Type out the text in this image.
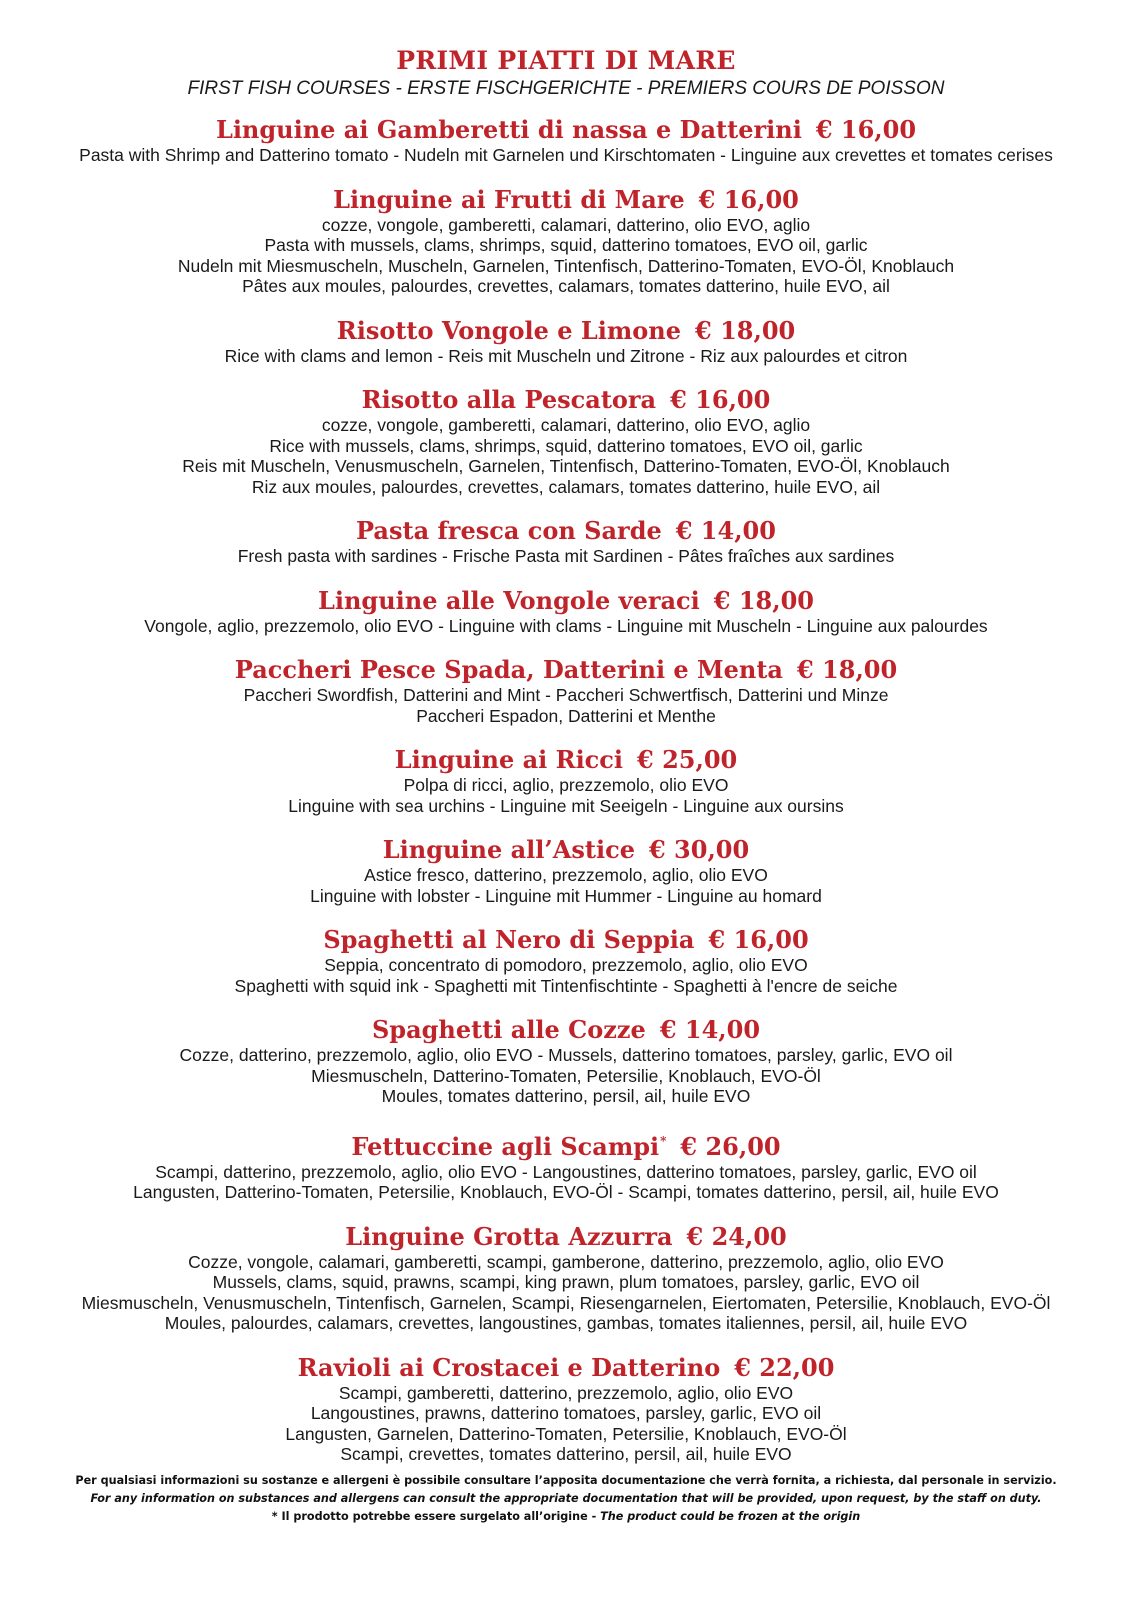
PRIMI PIATTI DI MARE
FIRST FISH COURSES - ERSTE FISCHGERICHTE - PREMIERS COURS DE POISSON
Linguine ai Gamberetti di nassa e Datterini € 16,00
Pasta with Shrimp and Datterino tomato - Nudeln mit Garnelen und Kirschtomaten - Linguine aux crevettes et tomates cerises
Linguine ai Frutti di Mare € 16,00
cozze, vongole, gamberetti, calamari, datterino, olio EVO, aglio
Pasta with mussels, clams, shrimps, squid, datterino tomatoes, EVO oil, garlic
Nudeln mit Miesmuscheln, Muscheln, Garnelen, Tintenfisch, Datterino-Tomaten, EVO-Öl, Knoblauch
Pâtes aux moules, palourdes, crevettes, calamars, tomates datterino, huile EVO, ail
Risotto Vongole e Limone € 18,00
Rice with clams and lemon - Reis mit Muscheln und Zitrone - Riz aux palourdes et citron
Risotto alla Pescatora € 16,00
cozze, vongole, gamberetti, calamari, datterino, olio EVO, aglio
Rice with mussels, clams, shrimps, squid, datterino tomatoes, EVO oil, garlic
Reis mit Muscheln, Venusmuscheln, Garnelen, Tintenfisch, Datterino-Tomaten, EVO-Öl, Knoblauch
Riz aux moules, palourdes, crevettes, calamars, tomates datterino, huile EVO, ail
Pasta fresca con Sarde € 14,00
Fresh pasta with sardines - Frische Pasta mit Sardinen - Pâtes fraîches aux sardines
Linguine alle Vongole veraci € 18,00
Vongole, aglio, prezzemolo, olio EVO - Linguine with clams - Linguine mit Muscheln - Linguine aux palourdes
Paccheri Pesce Spada, Datterini e Menta € 18,00
Paccheri Swordfish, Datterini and Mint - Paccheri Schwertfisch, Datterini und Minze
Paccheri Espadon, Datterini et Menthe
Linguine ai Ricci € 25,00
Polpa di ricci, aglio, prezzemolo, olio EVO
Linguine with sea urchins - Linguine mit Seeigeln - Linguine aux oursins
Linguine all’Astice € 30,00
Astice fresco, datterino, prezzemolo, aglio, olio EVO
Linguine with lobster - Linguine mit Hummer - Linguine au homard
Spaghetti al Nero di Seppia € 16,00
Seppia, concentrato di pomodoro, prezzemolo, aglio, olio EVO
Spaghetti with squid ink - Spaghetti mit Tintenfischtinte - Spaghetti à l'encre de seiche
Spaghetti alle Cozze € 14,00
Cozze, datterino, prezzemolo, aglio, olio EVO - Mussels, datterino tomatoes, parsley, garlic, EVO oil
Miesmuscheln, Datterino-Tomaten, Petersilie, Knoblauch, EVO-Öl
Moules, tomates datterino, persil, ail, huile EVO
Fettuccine agli Scampi* € 26,00
Scampi, datterino, prezzemolo, aglio, olio EVO - Langoustines, datterino tomatoes, parsley, garlic, EVO oil
Langusten, Datterino-Tomaten, Petersilie, Knoblauch, EVO-Öl - Scampi, tomates datterino, persil, ail, huile EVO
Linguine Grotta Azzurra € 24,00
Cozze, vongole, calamari, gamberetti, scampi, gamberone, datterino, prezzemolo, aglio, olio EVO
Mussels, clams, squid, prawns, scampi, king prawn, plum tomatoes, parsley, garlic, EVO oil
Miesmuscheln, Venusmuscheln, Tintenfisch, Garnelen, Scampi, Riesengarnelen, Eiertomaten, Petersilie, Knoblauch, EVO-Öl
Moules, palourdes, calamars, crevettes, langoustines, gambas, tomates italiennes, persil, ail, huile EVO
Ravioli ai Crostacei e Datterino € 22,00
Scampi, gamberetti, datterino, prezzemolo, aglio, olio EVO
Langoustines, prawns, datterino tomatoes, parsley, garlic, EVO oil
Langusten, Garnelen, Datterino-Tomaten, Petersilie, Knoblauch, EVO-Öl
Scampi, crevettes, tomates datterino, persil, ail, huile EVO
Per qualsiasi informazioni su sostanze e allergeni è possibile consultare l’apposita documentazione che verrà fornita, a richiesta, dal personale in servizio.
For any information on substances and allergens can consult the appropriate documentation that will be provided, upon request, by the staff on duty.
* Il prodotto potrebbe essere surgelato all’origine - The product could be frozen at the origin
